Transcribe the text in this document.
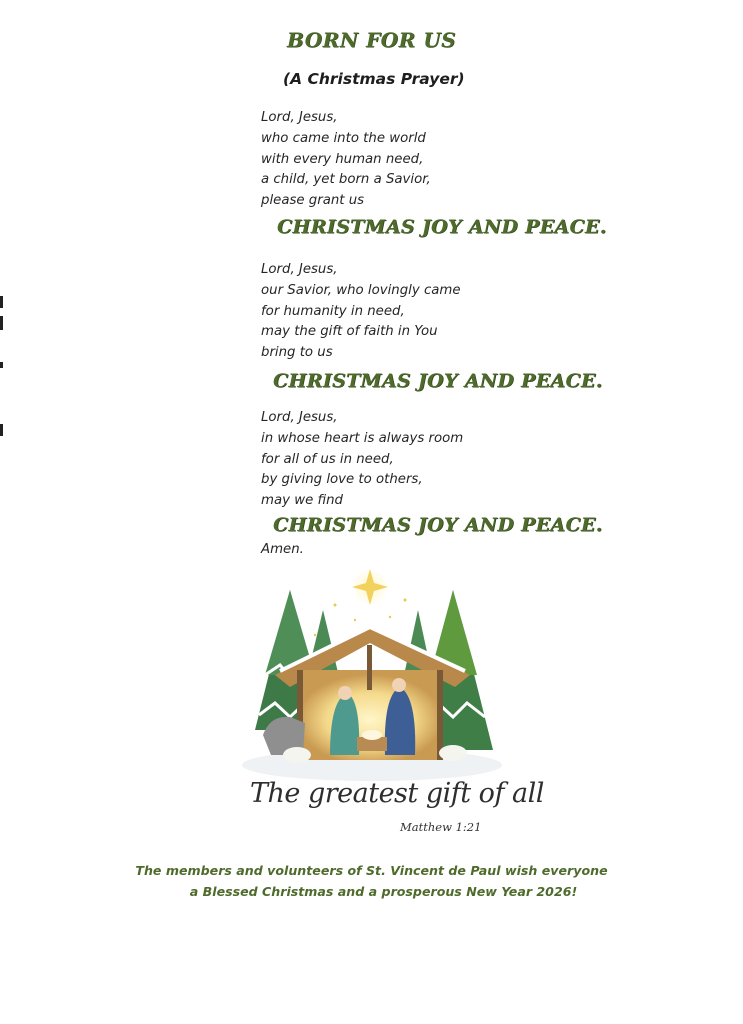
BORN FOR US
(A Christmas Prayer)
Lord, Jesus,
who came into the world
with every human need,
a child, yet born a Savior,
please grant us
CHRISTMAS JOY AND PEACE.
Lord, Jesus,
our Savior, who lovingly came
for humanity in need,
may the gift of faith in You
bring to us
CHRISTMAS JOY AND PEACE.
Lord, Jesus,
in whose heart is always room
for all of us in need,
by giving love to others,
may we find
CHRISTMAS JOY AND PEACE.
Amen.
The greatest gift of all
Matthew 1:21
The members and volunteers of St. Vincent de Paul wish everyone
a Blessed Christmas and a prosperous New Year 2026!
